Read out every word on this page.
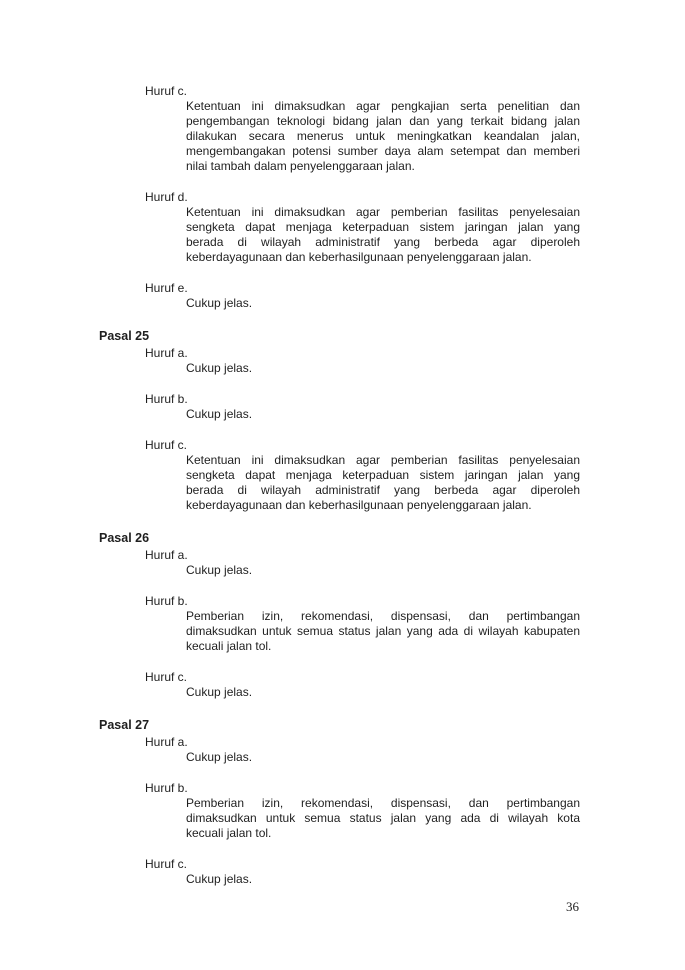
Huruf c.
Ketentuan ini dimaksudkan agar pengkajian serta penelitian dan
pengembangan teknologi bidang jalan dan yang terkait bidang jalan
dilakukan secara menerus untuk meningkatkan keandalan jalan,
mengembangakan potensi sumber daya alam setempat dan memberi
nilai tambah dalam penyelenggaraan jalan.
Huruf d.
Ketentuan ini dimaksudkan agar pemberian fasilitas penyelesaian
sengketa dapat menjaga keterpaduan sistem jaringan jalan yang
berada di wilayah administratif yang berbeda agar diperoleh
keberdayagunaan dan keberhasilgunaan penyelenggaraan jalan.
Huruf e.
Cukup jelas.
Pasal 25
Huruf a.
Cukup jelas.
Huruf b.
Cukup jelas.
Huruf c.
Ketentuan ini dimaksudkan agar pemberian fasilitas penyelesaian
sengketa dapat menjaga keterpaduan sistem jaringan jalan yang
berada di wilayah administratif yang berbeda agar diperoleh
keberdayagunaan dan keberhasilgunaan penyelenggaraan jalan.
Pasal 26
Huruf a.
Cukup jelas.
Huruf b.
Pemberian izin, rekomendasi, dispensasi, dan pertimbangan
dimaksudkan untuk semua status jalan yang ada di wilayah kabupaten
kecuali jalan tol.
Huruf c.
Cukup jelas.
Pasal 27
Huruf a.
Cukup jelas.
Huruf b.
Pemberian izin, rekomendasi, dispensasi, dan pertimbangan
dimaksudkan untuk semua status jalan yang ada di wilayah kota
kecuali jalan tol.
Huruf c.
Cukup jelas.
36
